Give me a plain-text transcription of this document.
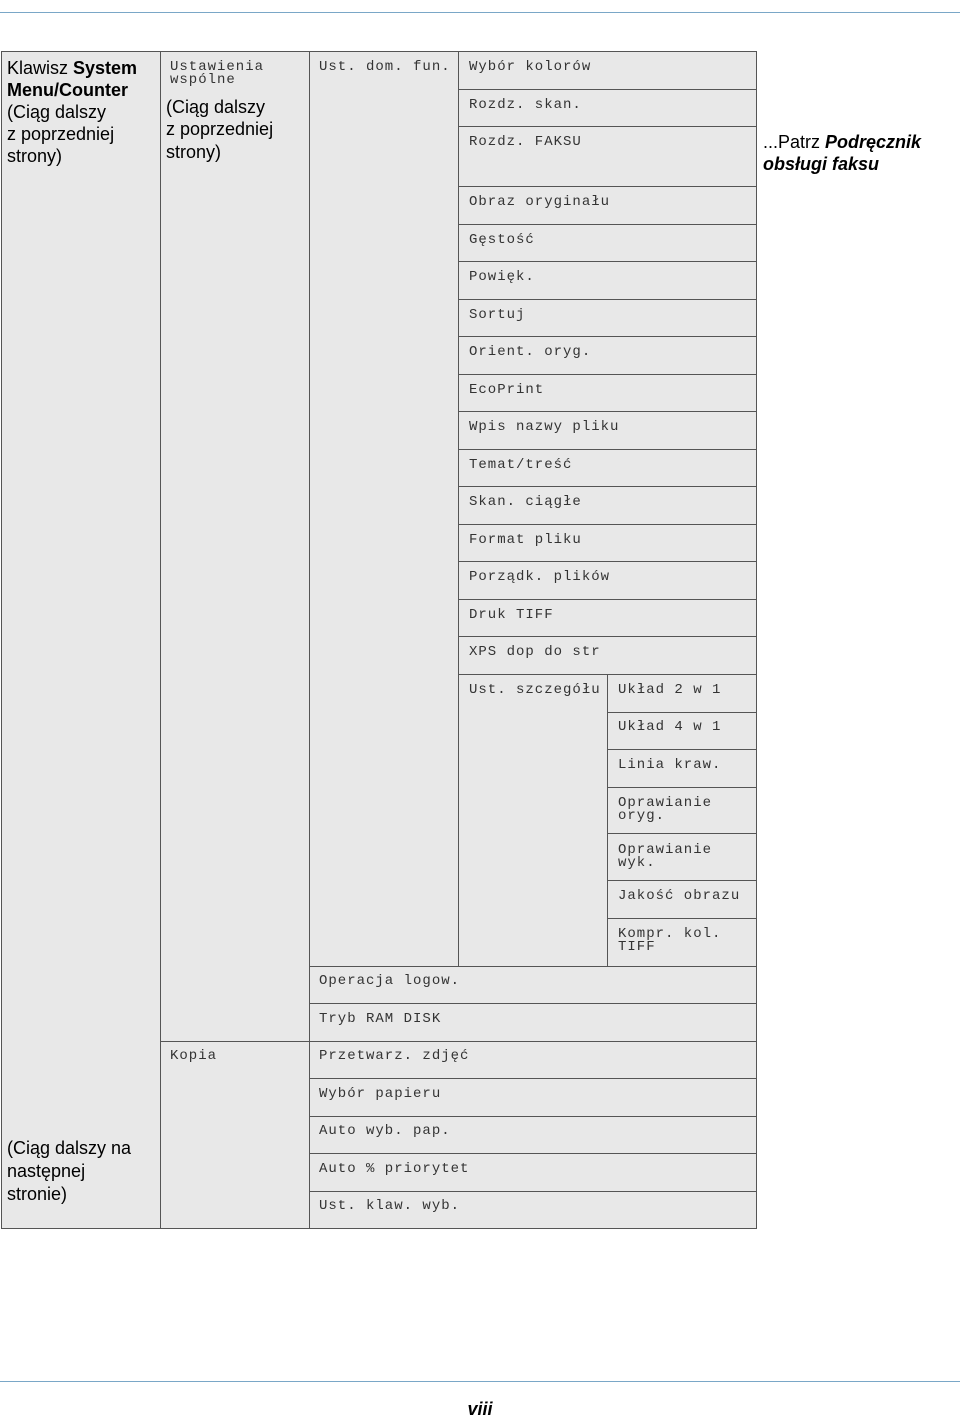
Klawisz System
Menu/Counter
(Ciąg dalszy
z poprzedniej
strony)
(Ciąg dalszy na
następnej
stronie)
Ustawienia
wspólne
(Ciąg dalszy
z poprzedniej
strony)
Kopia
Ust. dom. fun.
Operacja logow.
Tryb RAM DISK
Przetwarz. zdjęć
Wybór papieru
Auto wyb. pap.
Auto % priorytet
Ust. klaw. wyb.
Wybór kolorów
Rozdz. skan.
Rozdz. FAKSU
Obraz oryginału
Gęstość
Powięk.
Sortuj
Orient. oryg.
EcoPrint
Wpis nazwy pliku
Temat/treść
Skan. ciągłe
Format pliku
Porządk. plików
Druk TIFF
XPS dop do str
Ust. szczegółu Układ 2 w 1
Układ 4 w 1
Linia kraw.
Oprawianie
oryg.
Oprawianie
wyk.
Jakość obrazu
Kompr. kol.
TIFF
...Patrz Podręcznik
obsługi faksu
viii
